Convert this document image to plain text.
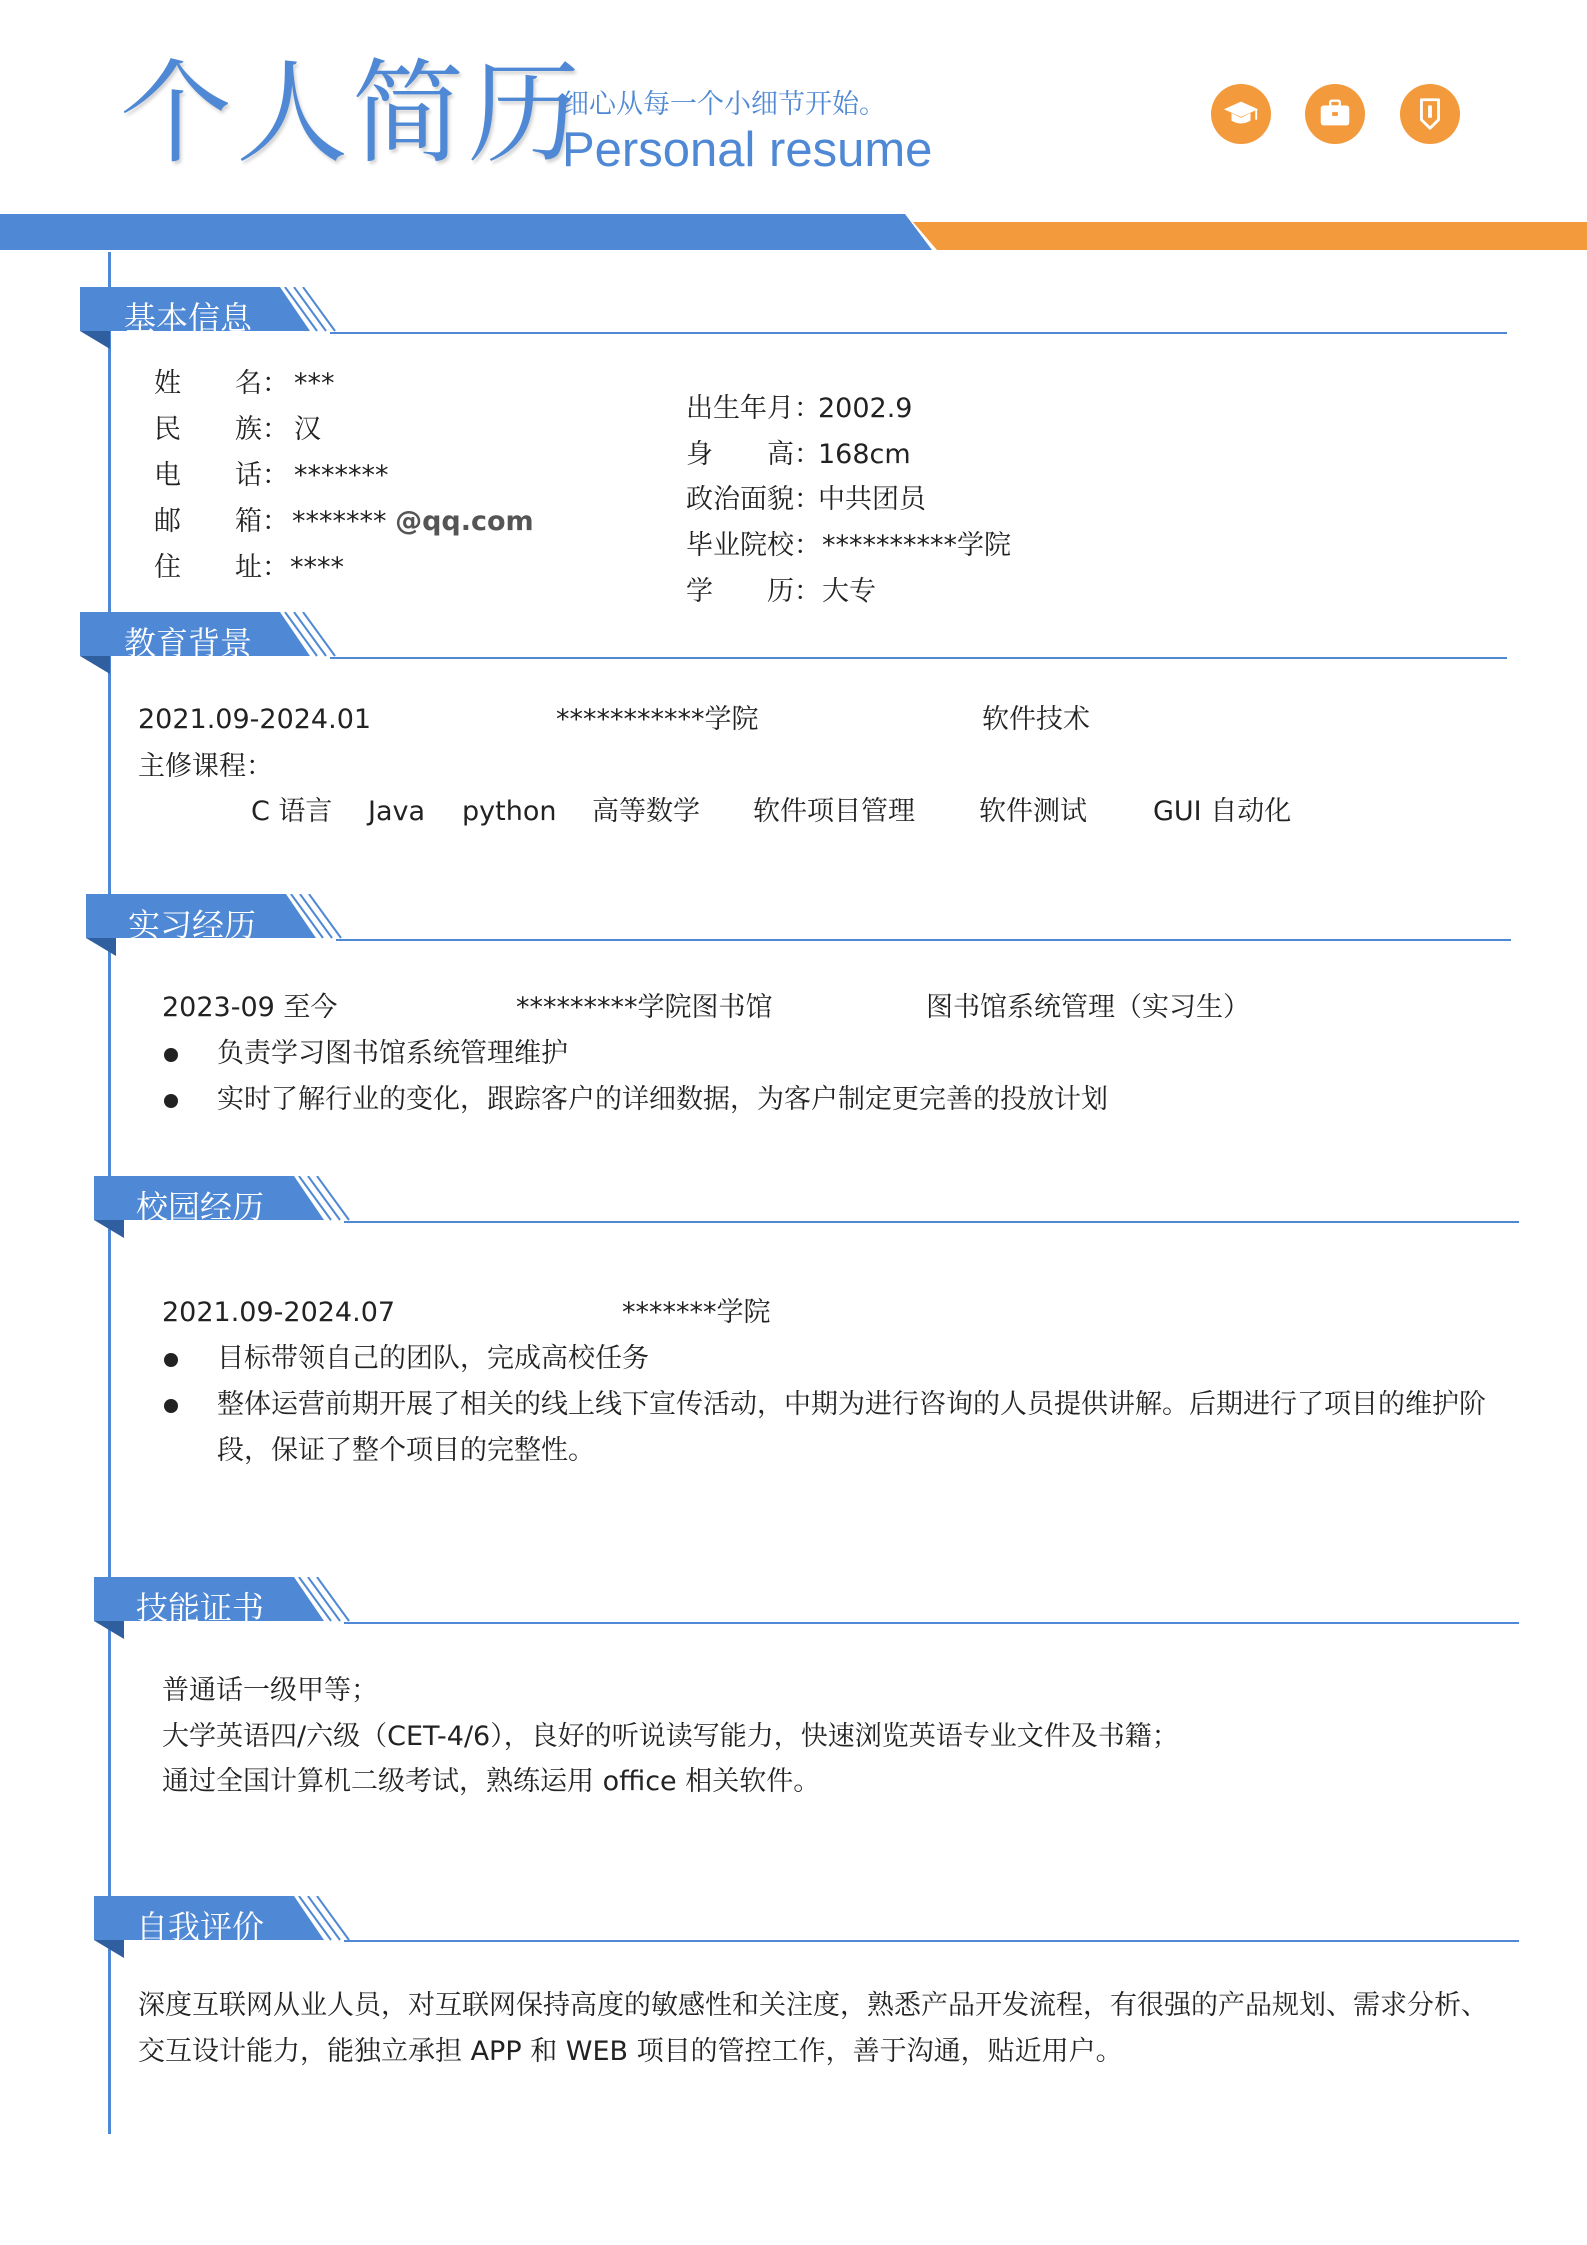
个人简历
细心从每一个小细节开始。
Personal resume
基本信息
姓　　名： ***
民　　族： 汉
电　　话： *******
邮　　箱： ******* @qq.com
住　　址： ****
出生年月：
2002.9
身　　高：
168cm
政治面貌：
中共团员
毕业院校： **********学院
学　　历： 大专
教育背景
2021.09-2024.01	***********学院	软件技术
主修课程：
C 语言 Java python 高等数学 软件项目管理 软件测试 GUI 自动化
实习经历
2023-09 至今	*********学院图书馆	图书馆系统管理（实习生）
负责学习图书馆系统管理维护
实时了解行业的变化，跟踪客户的详细数据，为客户制定更完善的投放计划
校园经历
2021.09-2024.07	*******学院
目标带领自己的团队，完成高校任务
整体运营前期开展了相关的线上线下宣传活动，中期为进行咨询的人员提供讲解。后期进行了项目的维护阶
段，保证了整个项目的完整性。
技能证书
普通话一级甲等；
大学英语四/六级（CET-4/6），良好的听说读写能力，快速浏览英语专业文件及书籍；
通过全国计算机二级考试，熟练运用 office 相关软件。
自我评价
深度互联网从业人员，对互联网保持高度的敏感性和关注度，熟悉产品开发流程，有很强的产品规划、需求分析、
交互设计能力，能独立承担 APP 和 WEB 项目的管控工作，善于沟通，贴近用户。
